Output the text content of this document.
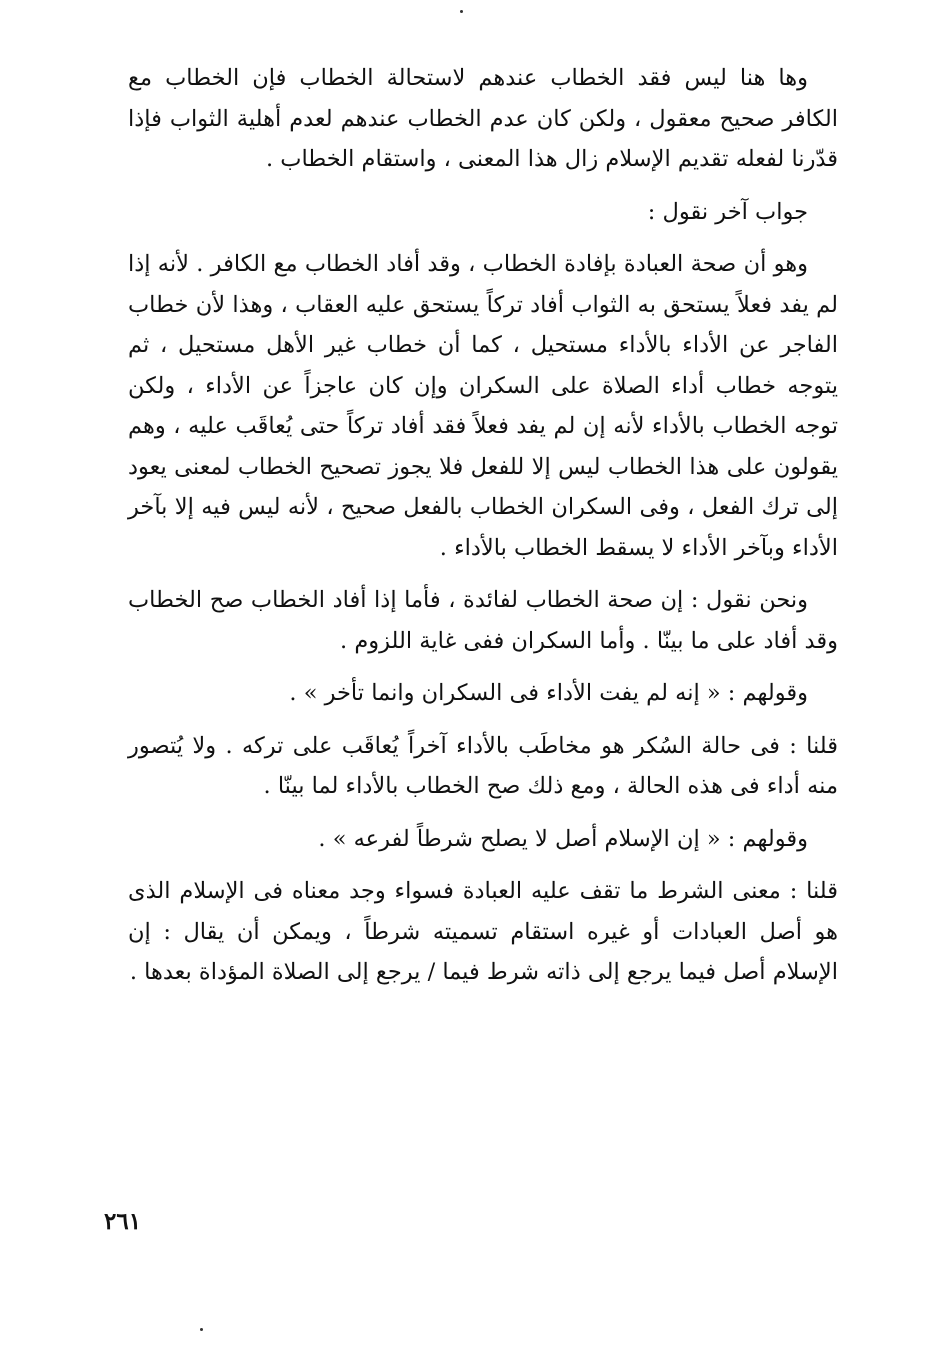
وها هنا ليس فقد الخطاب عندهم لاستحالة الخطاب فإن الخطاب مع الكافر صحيح معقول ، ولكن كان عدم الخطاب عندهم لعدم أهلية الثواب فإذا قدّرنا لفعله تقديم الإسلام زال هذا المعنى ، واستقام الخطاب .

جواب آخر نقول :

وهو أن صحة العبادة بإفادة الخطاب ، وقد أفاد الخطاب مع الكافر . لأنه إذا لم يفد فعلاً يستحق به الثواب أفاد تركاً يستحق عليه العقاب ، وهذا لأن خطاب الفاجر عن الأداء بالأداء مستحيل ، كما أن خطاب غير الأهل مستحيل ، ثم يتوجه خطاب أداء الصلاة على السكران وإن كان عاجزاً عن الأداء ، ولكن توجه الخطاب بالأداء لأنه إن لم يفد فعلاً فقد أفاد تركاً حتى يُعاقَب عليه ، وهم يقولون على هذا الخطاب ليس إلا للفعل فلا يجوز تصحيح الخطاب لمعنى يعود إلى ترك الفعل ، وفى السكران الخطاب بالفعل صحيح ، لأنه ليس فيه إلا بآخر الأداء وبآخر الأداء لا يسقط الخطاب بالأداء .

ونحن نقول : إن صحة الخطاب لفائدة ، فأما إذا أفاد الخطاب صح الخطاب وقد أفاد على ما بينّا . وأما السكران ففى غاية اللزوم .

وقولهم : « إنه لم يفت الأداء فى السكران وانما تأخر » .

قلنا : فى حالة السُكر هو مخاطَب بالأداء آخراً يُعاقَب على تركه . ولا يُتصور منه أداء فى هذه الحالة ، ومع ذلك صح الخطاب بالأداء لما بينّا .

وقولهم : « إن الإسلام أصل لا يصلح شرطاً لفرعه » .

قلنا : معنى الشرط ما تقف عليه العبادة فسواء وجد معناه فى الإسلام الذى هو أصل العبادات أو غيره استقام تسميته شرطاً ، ويمكن أن يقال : إن الإسلام أصل فيما يرجع إلى ذاته شرط فيما / يرجع إلى الصلاة المؤداة بعدها .

٢٦١
